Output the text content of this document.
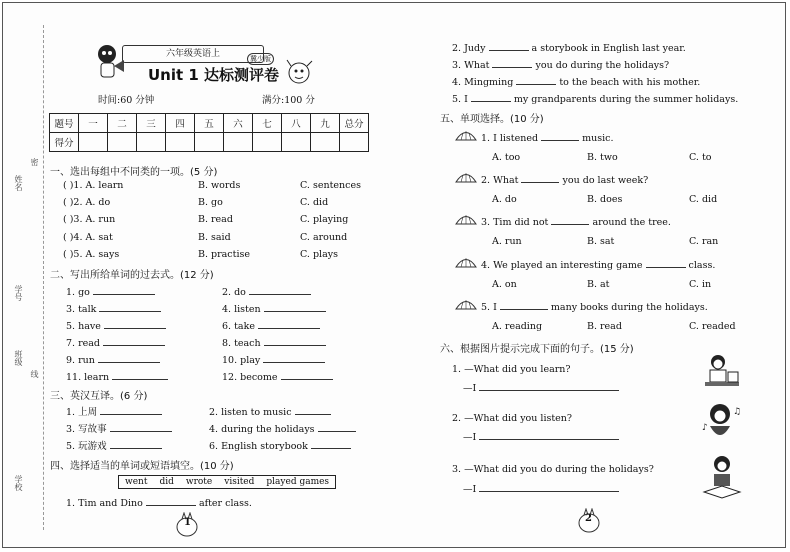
姓名
学号
班级
学校
密
线
六年级英语上	冀少版
Unit 1 达标测评卷
时间:60 分钟	满分:100 分
题号	一	二	三	四	五	六	七	八	九	总分
得分										
一、选出每组中不同类的一项。(5 分)
( )1. A. learn	B. words	C. sentences
( )2. A. do	B. go	C. did
( )3. A. run	B. read	C. playing
( )4. A. sat	B. said	C. around
( )5. A. says	B. practise	C. plays
二、写出所给单词的过去式。(12 分)
1. go	2. do
3. talk	4. listen
5. have	6. take
7. read	8. teach
9. run	10. play
11. learn	12. become
三、英汉互译。(6 分)
1. 上周	2. listen to music
3. 写故事	4. during the holidays
5. 玩游戏	6. English storybook
四、选择适当的单词或短语填空。(10 分)
went	did	wrote	visited	played games
1. Tim and Dino	after class.
1
2. Judy	a storybook in English last year.
3. What	you do during the holidays?
4. Mingming	to the beach with his mother.
5. I	my grandparents during the summer holidays.
五、单项选择。(10 分)
1. I listened	music.
A. too	B. two	C. to
2. What	you do last week?
A. do	B. does	C. did
3. Tim did not	around the tree.
A. run	B. sat	C. ran
4. We played an interesting game	class.
A. on	B. at	C. in
5. I	many books during the holidays.
A. reading	B. read	C. readed
六、根据图片提示完成下面的句子。(15 分)
1. —What did you learn?
—I
2. —What did you listen?
—I
♪
♫
3. —What did you do during the holidays?
—I
2
